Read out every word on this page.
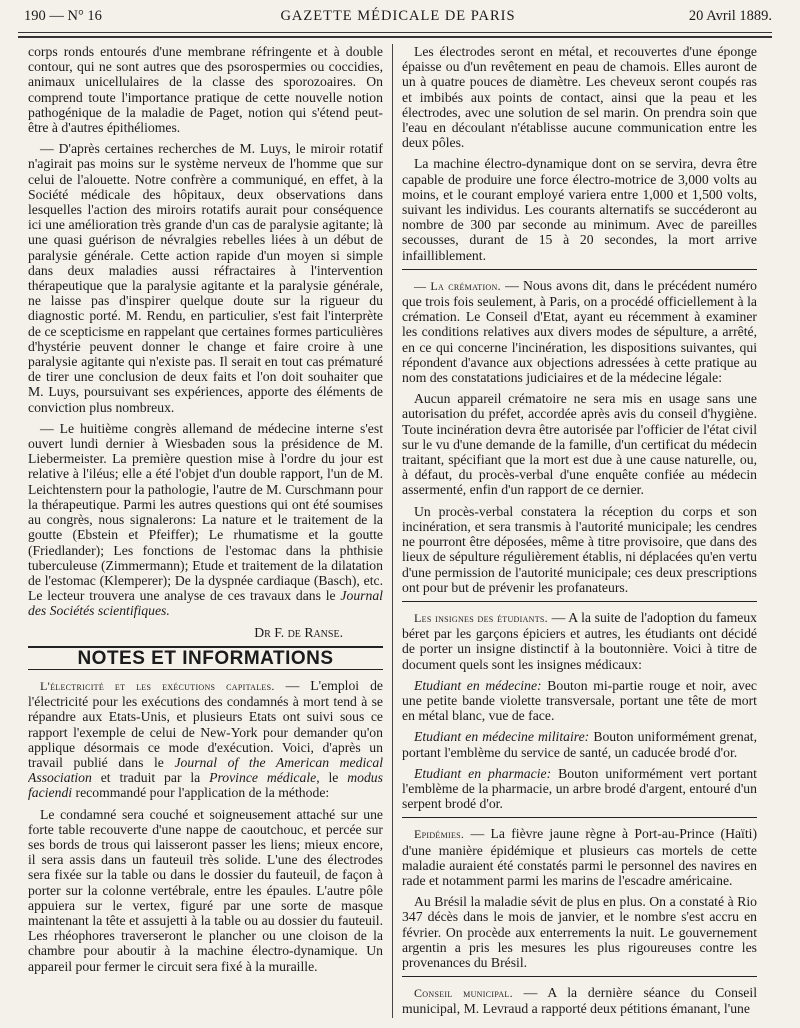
190 — N° 16	GAZETTE MÉDICALE DE PARIS	20 Avril 1889.

corps ronds entourés d'une membrane réfringente et à double contour, qui ne sont autres que des psorospermies ou coccidies, animaux unicellulaires de la classe des sporozoaires. On comprend toute l'importance pratique de cette nouvelle notion pathogénique de la maladie de Paget, notion qui s'étend peut-être à d'autres épithéliomes.

— D'après certaines recherches de M. Luys, le miroir rotatif n'agirait pas moins sur le système nerveux de l'homme que sur celui de l'alouette. Notre confrère a communiqué, en effet, à la Société médicale des hôpitaux, deux observations dans lesquelles l'action des miroirs rotatifs aurait pour conséquence ici une amélioration très grande d'un cas de paralysie agitante; là une quasi guérison de névralgies rebelles liées à un début de paralysie générale. Cette action rapide d'un moyen si simple dans deux maladies aussi réfractaires à l'intervention thérapeutique que la paralysie agitante et la paralysie générale, ne laisse pas d'inspirer quelque doute sur la rigueur du diagnostic porté. M. Rendu, en particulier, s'est fait l'interprète de ce scepticisme en rappelant que certaines formes particulières d'hystérie peuvent donner le change et faire croire à une paralysie agitante qui n'existe pas. Il serait en tout cas prématuré de tirer une conclusion de deux faits et l'on doit souhaiter que M. Luys, poursuivant ses expériences, apporte des éléments de conviction plus nombreux.

— Le huitième congrès allemand de médecine interne s'est ouvert lundi dernier à Wiesbaden sous la présidence de M. Liebermeister. La première question mise à l'ordre du jour est relative à l'iléus; elle a été l'objet d'un double rapport, l'un de M. Leichtenstern pour la pathologie, l'autre de M. Curschmann pour la thérapeutique. Parmi les autres questions qui ont été soumises au congrès, nous signalerons: La nature et le traitement de la goutte (Ebstein et Pfeiffer); Le rhumatisme et la goutte (Friedlander); Les fonctions de l'estomac dans la phthisie tuberculeuse (Zimmermann); Etude et traitement de la dilatation de l'estomac (Klemperer); De la dyspnée cardiaque (Basch), etc. Le lecteur trouvera une analyse de ces travaux dans le Journal des Sociétés scientifiques.

Dr F. de Ranse.
NOTES ET INFORMATIONS

L'électricité et les exécutions capitales. — L'emploi de l'électricité pour les exécutions des condamnés à mort tend à se répandre aux Etats-Unis, et plusieurs Etats ont suivi sous ce rapport l'exemple de celui de New-York pour demander qu'on applique désormais ce mode d'exécution. Voici, d'après un travail publié dans le Journal of the American medical Association et traduit par la Province médicale, le modus faciendi recommandé pour l'application de la méthode:

Le condamné sera couché et soigneusement attaché sur une forte table recouverte d'une nappe de caoutchouc, et percée sur ses bords de trous qui laisseront passer les liens; mieux encore, il sera assis dans un fauteuil très solide. L'une des électrodes sera fixée sur la table ou dans le dossier du fauteuil, de façon à porter sur la colonne vertébrale, entre les épaules. L'autre pôle appuiera sur le vertex, figuré par une sorte de masque maintenant la tête et assujetti à la table ou au dossier du fauteuil. Les rhéophores traverseront le plancher ou une cloison de la chambre pour aboutir à la machine électro-dynamique. Un appareil pour fermer le circuit sera fixé à la muraille.

Les électrodes seront en métal, et recouvertes d'une éponge épaisse ou d'un revêtement en peau de chamois. Elles auront de un à quatre pouces de diamètre. Les cheveux seront coupés ras et imbibés aux points de contact, ainsi que la peau et les électrodes, avec une solution de sel marin. On prendra soin que l'eau en découlant n'établisse aucune communication entre les deux pôles.

La machine électro-dynamique dont on se servira, devra être capable de produire une force électro-motrice de 3,000 volts au moins, et le courant employé variera entre 1,000 et 1,500 volts, suivant les individus. Les courants alternatifs se succéderont au nombre de 300 par seconde au minimum. Avec de pareilles secousses, durant de 15 à 20 secondes, la mort arrive infailliblement.

— La crémation. — Nous avons dit, dans le précédent numéro que trois fois seulement, à Paris, on a procédé officiellement à la crémation. Le Conseil d'Etat, ayant eu récemment à examiner les conditions relatives aux divers modes de sépulture, a arrêté, en ce qui concerne l'incinération, les dispositions suivantes, qui répondent d'avance aux objections adressées à cette pratique au nom des constatations judiciaires et de la médecine légale:

Aucun appareil crématoire ne sera mis en usage sans une autorisation du préfet, accordée après avis du conseil d'hygiène. Toute incinération devra être autorisée par l'officier de l'état civil sur le vu d'une demande de la famille, d'un certificat du médecin traitant, spécifiant que la mort est due à une cause naturelle, ou, à défaut, du procès-verbal d'une enquête confiée au médecin assermenté, enfin d'un rapport de ce dernier.

Un procès-verbal constatera la réception du corps et son incinération, et sera transmis à l'autorité municipale; les cendres ne pourront être déposées, même à titre provisoire, que dans des lieux de sépulture régulièrement établis, ni déplacées qu'en vertu d'une permission de l'autorité municipale; ces deux prescriptions ont pour but de prévenir les profanateurs.

Les insignes des étudiants. — A la suite de l'adoption du fameux béret par les garçons épiciers et autres, les étudiants ont décidé de porter un insigne distinctif à la boutonnière. Voici à titre de document quels sont les insignes médicaux:

Etudiant en médecine: Bouton mi-partie rouge et noir, avec une petite bande violette transversale, portant une tête de mort en métal blanc, vue de face.

Etudiant en médecine militaire: Bouton uniformément grenat, portant l'emblème du service de santé, un caducée brodé d'or.

Etudiant en pharmacie: Bouton uniformément vert portant l'emblème de la pharmacie, un arbre brodé d'argent, entouré d'un serpent brodé d'or.

Epidémies. — La fièvre jaune règne à Port-au-Prince (Haïti) d'une manière épidémique et plusieurs cas mortels de cette maladie auraient été constatés parmi le personnel des navires en rade et notamment parmi les marins de l'escadre américaine.

Au Brésil la maladie sévit de plus en plus. On a constaté à Rio 347 décès dans le mois de janvier, et le nombre s'est accru en février. On procède aux enterrements la nuit. Le gouvernement argentin a pris les mesures les plus rigoureuses contre les provenances du Brésil.

Conseil municipal. — A la dernière séance du Conseil municipal, M. Levraud a rapporté deux pétitions émanant, l'une
